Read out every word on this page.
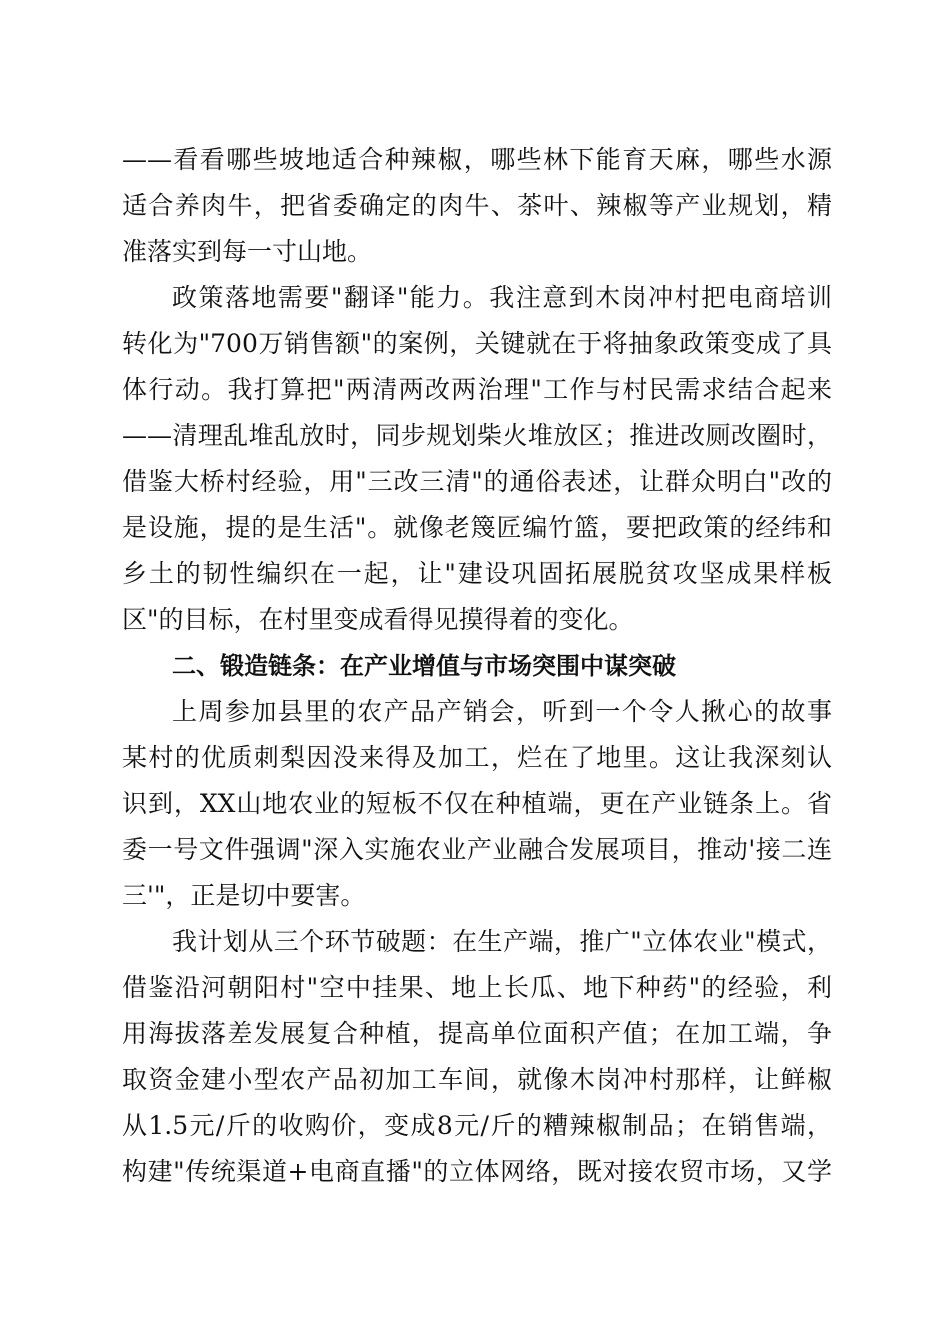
——看看哪些坡地适合种辣椒，哪些林下能育天麻，哪些水源
适合养肉牛，把省委确定的肉牛、茶叶、辣椒等产业规划，精
准落实到每一寸山地。
政策落地需要"翻译"能力。我注意到木岗冲村把电商培训
转化为"700万销售额"的案例，关键就在于将抽象政策变成了具
体行动。我打算把"两清两改两治理"工作与村民需求结合起来
——清理乱堆乱放时，同步规划柴火堆放区；推进改厕改圈时，
借鉴大桥村经验，用"三改三清"的通俗表述，让群众明白"改的
是设施，提的是生活"。就像老篾匠编竹篮，要把政策的经纬和
乡土的韧性编织在一起，让"建设巩固拓展脱贫攻坚成果样板
区"的目标，在村里变成看得见摸得着的变化。
二、锻造链条：在产业增值与市场突围中谋突破
上周参加县里的农产品产销会，听到一个令人揪心的故事
某村的优质刺梨因没来得及加工，烂在了地里。这让我深刻认
识到，XX山地农业的短板不仅在种植端，更在产业链条上。省
委一号文件强调"深入实施农业产业融合发展项目，推动'接二连
三'"，正是切中要害。
我计划从三个环节破题：在生产端，推广"立体农业"模式，
借鉴沿河朝阳村"空中挂果、地上长瓜、地下种药"的经验，利
用海拔落差发展复合种植，提高单位面积产值；在加工端，争
取资金建小型农产品初加工车间，就像木岗冲村那样，让鲜椒
从1.5元/斤的收购价，变成8元/斤的糟辣椒制品；在销售端，
构建"传统渠道+电商直播"的立体网络，既对接农贸市场，又学
